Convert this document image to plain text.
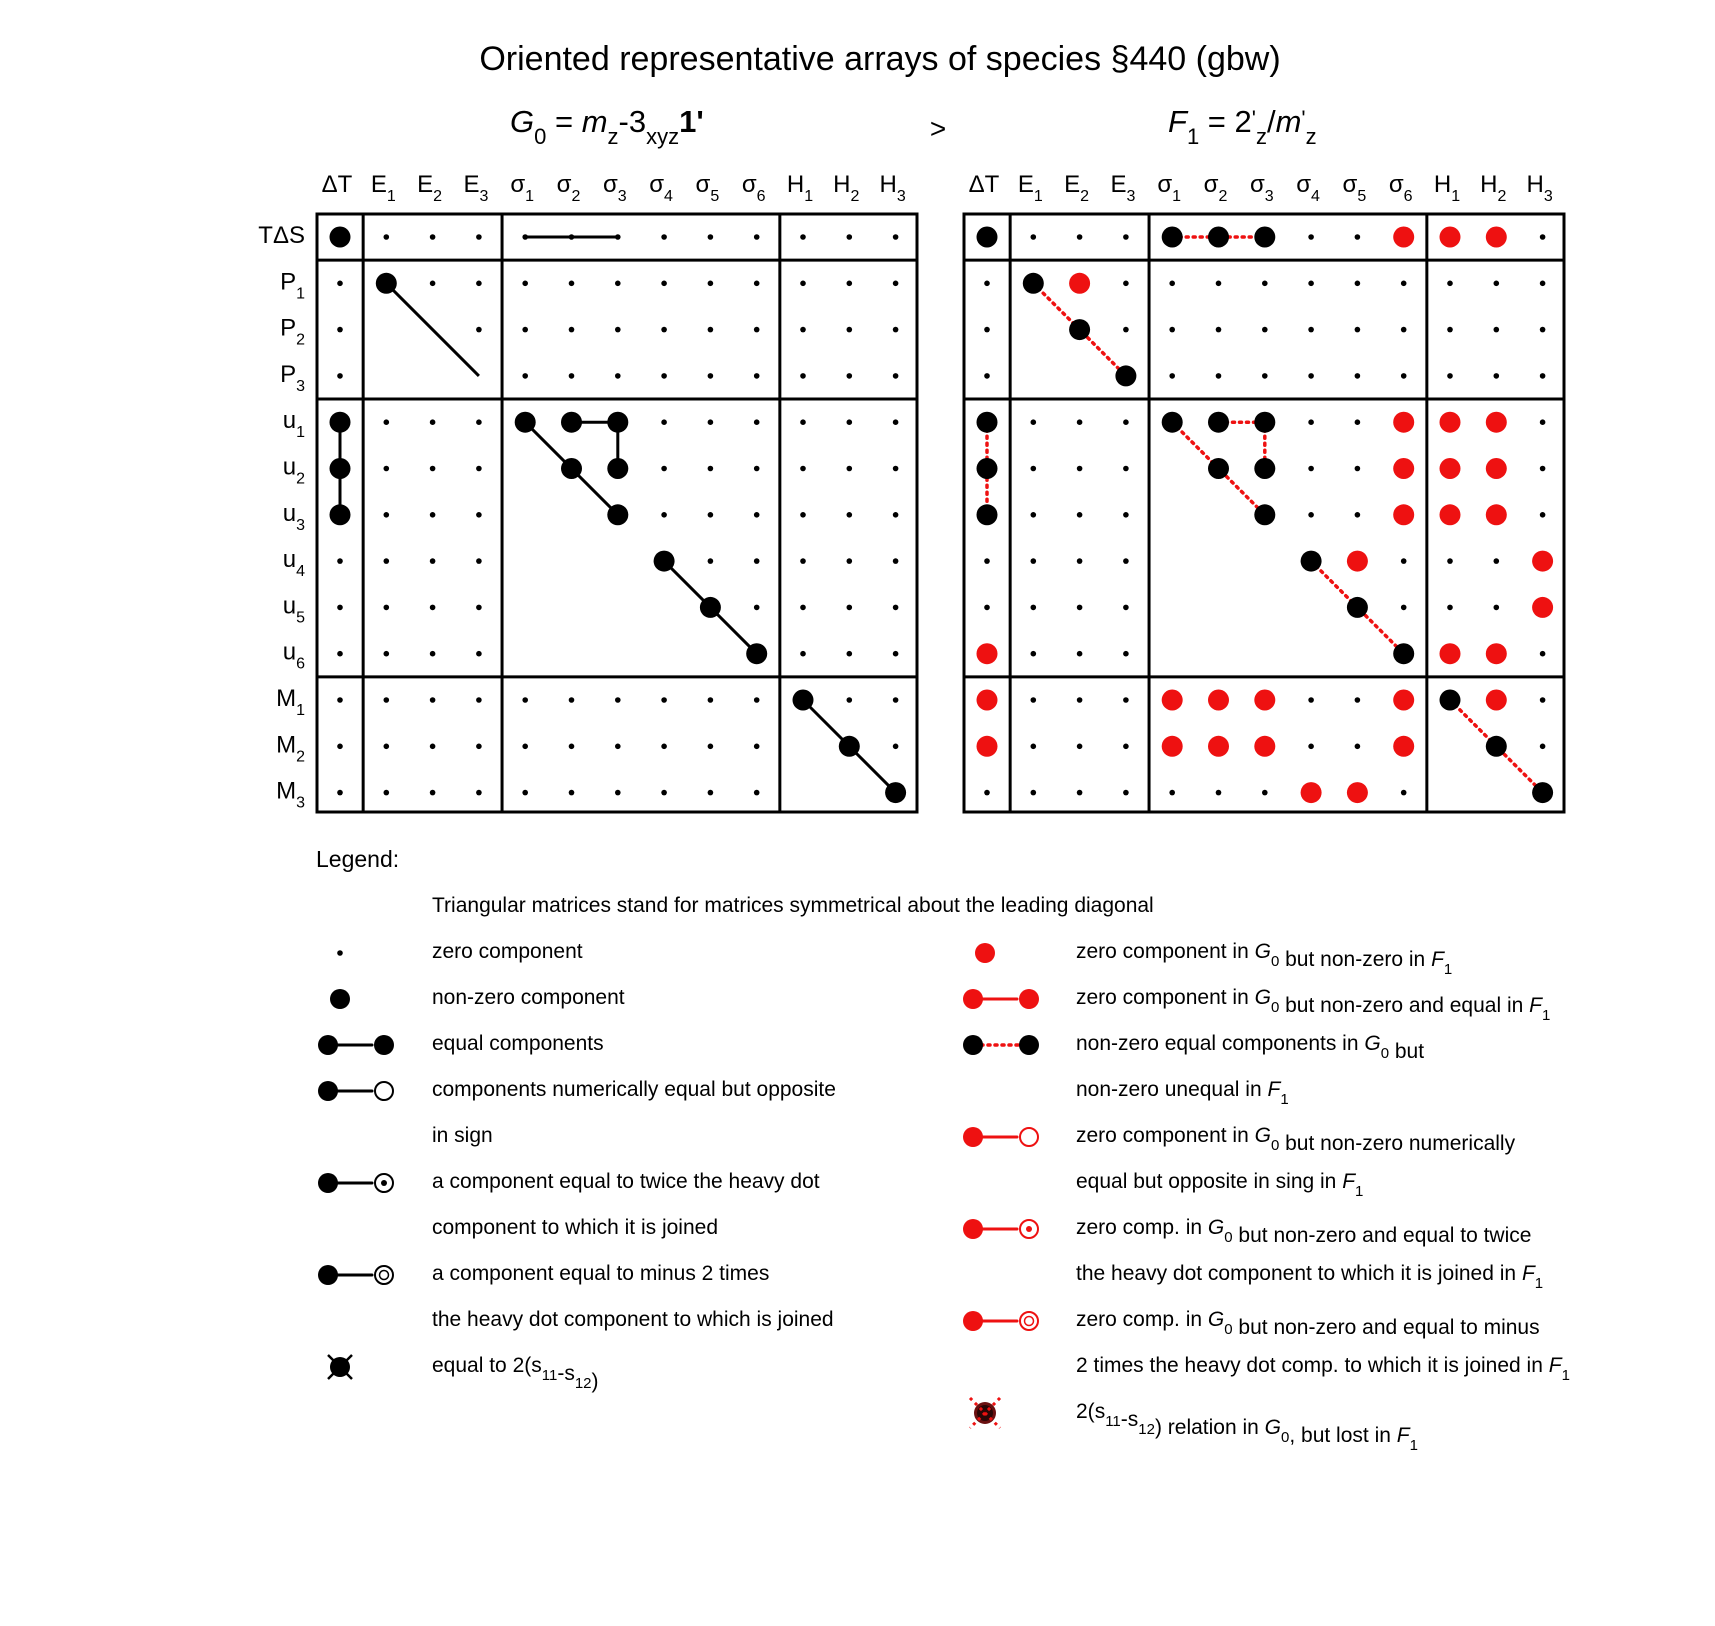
Oriented representative arrays of species §440 (gbw)
$G_0 = m_z-3_{xyz}1'$	>	$F_1 = 2'_z/m'_z$
ΔT $E_1$ $E_2$ $E_3$ $\sigma_1$ $\sigma_2$ $\sigma_3$ $\sigma_4$ $\sigma_5$ $\sigma_6$ $H_1$ $H_2$ $H_3$
TΔS
$P_1$
$P_2$
$P_3$
$u_1$
$u_2$
$u_3$
$u_4$
$u_5$
$u_6$
$M_1$
$M_2$
$M_3$
ΔT $E_1$ $E_2$ $E_3$ $\sigma_1$ $\sigma_2$ $\sigma_3$ $\sigma_4$ $\sigma_5$ $\sigma_6$ $H_1$ $H_2$ $H_3$
Legend:
Triangular matrices stand for matrices symmetrical about the leading diagonal
zero component
non-zero component
equal components
components numerically equal but opposite
in sign
a component equal to twice the heavy dot
component to which it is joined
a component equal to minus 2 times
the heavy dot component to which is joined
equal to $2(s_{11}-s_{12})$
zero component in $G_0$ but non-zero in $F_1$
zero component in $G_0$ but non-zero and equal in $F_1$
non-zero equal components in $G_0$ but
non-zero unequal in $F_1$
zero component in $G_0$ but non-zero numerically
equal but opposite in sing in $F_1$
zero comp. in $G_0$ but non-zero and equal to twice
the heavy dot component to which it is joined in $F_1$
zero comp. in $G_0$ but non-zero and equal to minus
2 times the heavy dot comp. to which it is joined in $F_1$
$2(s_{11}-s_{12})$ relation in $G_0$, but lost in $F_1$
